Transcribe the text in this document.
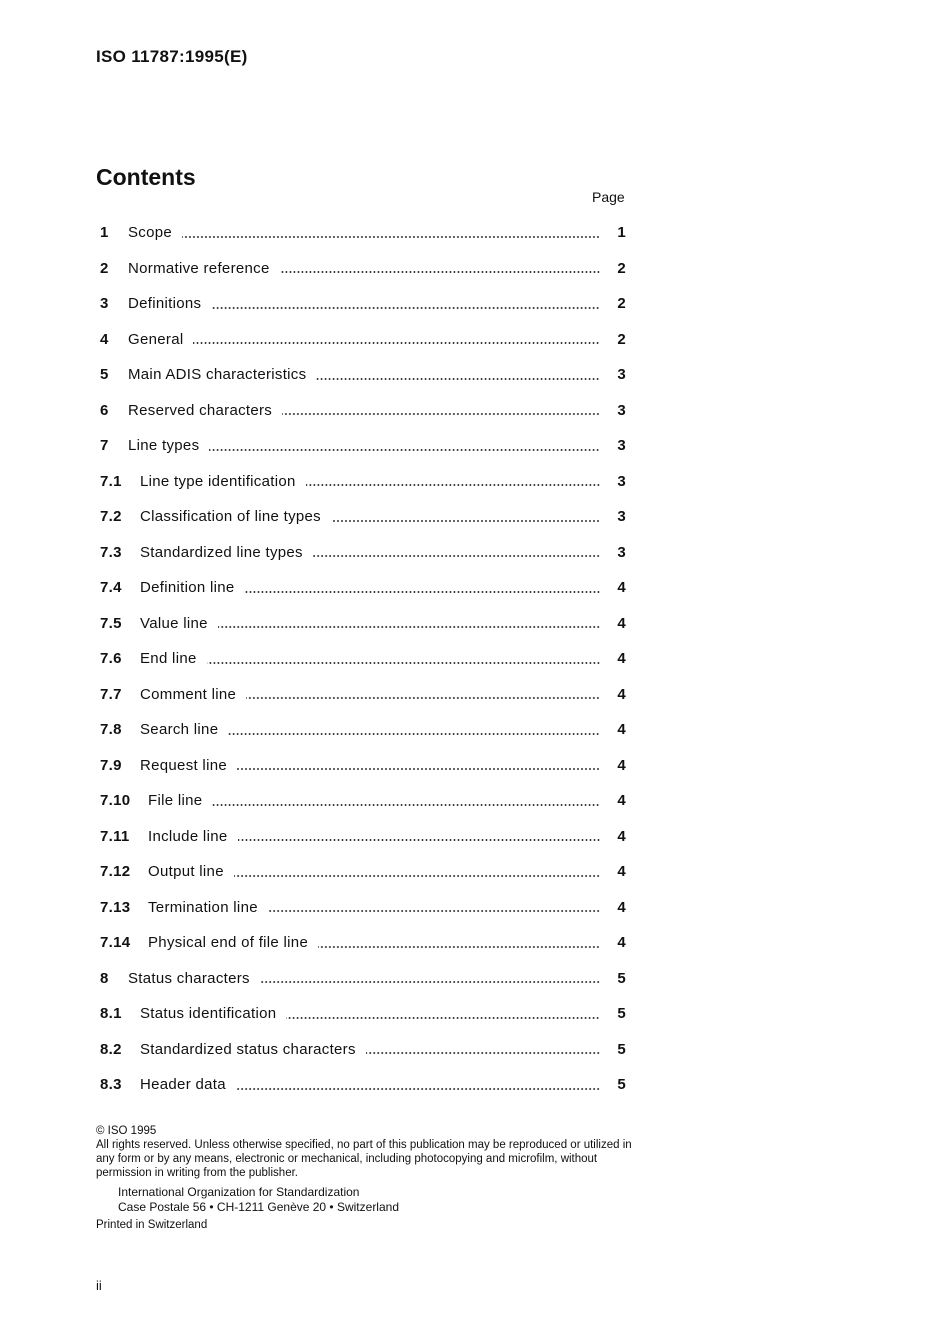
ISO 11787:1995(E)
Contents
Page
1	Scope	1
2	Normative reference	2
3	Definitions	2
4	General	2
5	Main ADIS characteristics	3
6	Reserved characters	3
7	Line types	3
7.1	Line type identification	3
7.2	Classification of line types	3
7.3	Standardized line types	3
7.4	Definition line	4
7.5	Value line	4
7.6	End line	4
7.7	Comment line	4
7.8	Search line	4
7.9	Request line	4
7.10	File line	4
7.11	Include line	4
7.12	Output line	4
7.13	Termination line	4
7.14	Physical end of file line	4
8	Status characters	5
8.1	Status identification	5
8.2	Standardized status characters	5
8.3	Header data	5

© ISO 1995

All rights reserved. Unless otherwise specified, no part of this publication may be reproduced or utilized in any form or by any means, electronic or mechanical, including photocopying and microfilm, without permission in writing from the publisher.

International Organization for Standardization

Case Postale 56 • CH-1211 Genève 20 • Switzerland

Printed in Switzerland

ii
